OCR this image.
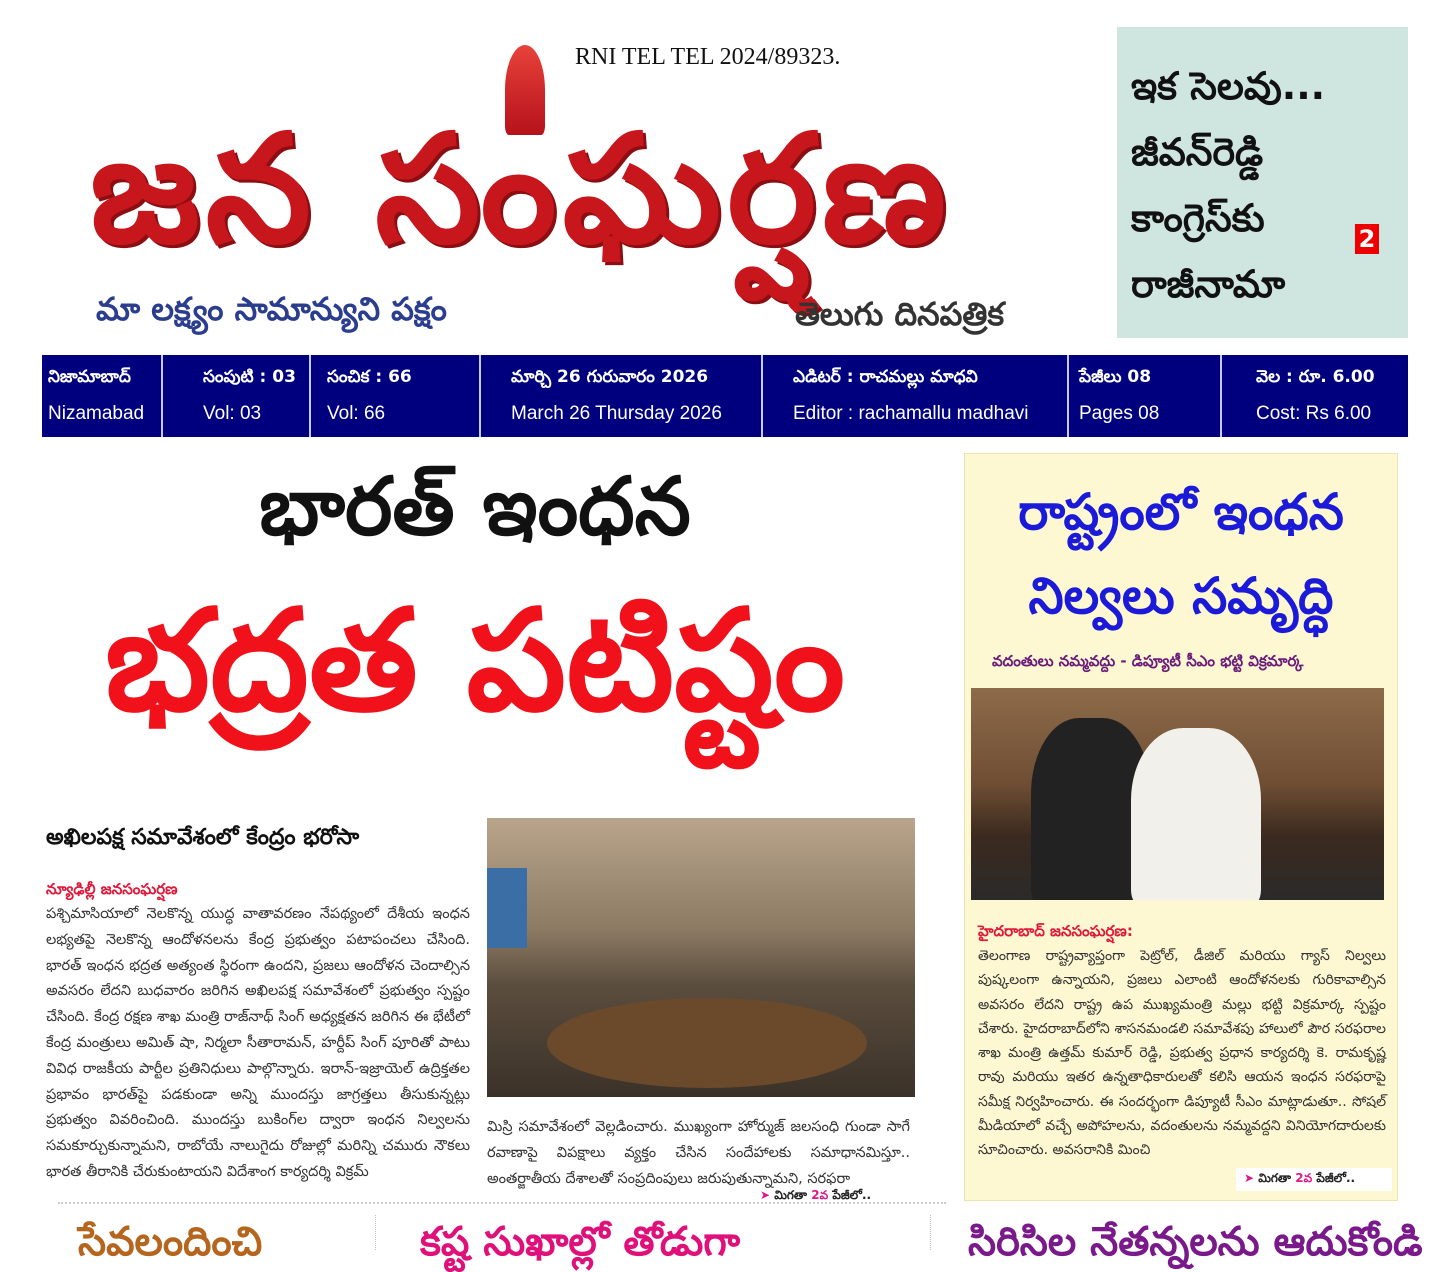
RNI TEL TEL 2024/89323.
జన సంఘర్షణ
మా లక్ష్యం సామాన్యుని పక్షం	తెలుగు దినపత్రిక
ఇక సెలవు...
జీవన్‌రెడ్డి
కాంగ్రెస్‌కు
రాజీనామా
2
నిజామాబాద్
Nizamabad
సంపుటి : 03
Vol: 03
సంచిక : 66
Vol: 66
మార్చి 26 గురువారం 2026
March 26 Thursday 2026
ఎడిటర్ : రాచమల్లు మాధవి
Editor : rachamallu madhavi
పేజీలు 08
Pages 08
వెల : రూ. 6.00
Cost: Rs 6.00
భారత్ ఇంధన
భద్రత పటిష్టం
అఖిలపక్ష సమావేశంలో కేంద్రం భరోసా
న్యూఢిల్లీ జనసంఘర్షణ
పశ్చిమాసియాలో నెలకొన్న యుద్ధ వాతావరణం నేపథ్యంలో దేశీయ ఇంధన లభ్యతపై నెలకొన్న ఆందోళనలను కేంద్ర ప్రభుత్వం పటాపంచలు చేసింది. భారత్ ఇంధన భద్రత అత్యంత స్థిరంగా ఉందని, ప్రజలు ఆందోళన చెందాల్సిన అవసరం లేదని బుధవారం జరిగిన అఖిలపక్ష సమావేశంలో ప్రభుత్వం స్పష్టం చేసింది. కేంద్ర రక్షణ శాఖ మంత్రి రాజ్‌నాథ్ సింగ్ అధ్యక్షతన జరిగిన ఈ భేటీలో కేంద్ర మంత్రులు అమిత్ షా, నిర్మలా సీతారామన్, హర్దీప్ సింగ్ పూరితో పాటు వివిధ రాజకీయ పార్టీల ప్రతినిధులు పాల్గొన్నారు. ఇరాన్-ఇజ్రాయెల్ ఉద్రిక్తతల ప్రభావం భారత్‌పై పడకుండా అన్ని ముందస్తు జాగ్రత్తలు తీసుకున్నట్లు ప్రభుత్వం వివరించింది. ముందస్తు బుకింగ్‌ల ద్వారా ఇంధన నిల్వలను సమకూర్చుకున్నామని, రాబోయే నాలుగైదు రోజుల్లో మరిన్ని చమురు నౌకలు భారత తీరానికి చేరుకుంటాయని విదేశాంగ కార్యదర్శి విక్రమ్
మిస్రి సమావేశంలో వెల్లడించారు. ముఖ్యంగా హోర్ముజ్ జలసంధి గుండా సాగే రవాణాపై విపక్షాలు వ్యక్తం చేసిన సందేహాలకు సమాధానమిస్తూ.. అంతర్జాతీయ దేశాలతో సంప్రదింపులు జరుపుతున్నామని, సరఫరా
➤ మిగతా 2వ పేజీలో..
రాష్ట్రంలో ఇంధన
నిల్వలు సమృద్ధి
వదంతులు నమ్మవద్దు - డిప్యూటీ సీఎం భట్టి విక్రమార్క
హైదరాబాద్ జనసంఘర్షణ:
తెలంగాణ రాష్ట్రవ్యాప్తంగా పెట్రోల్, డీజిల్ మరియు గ్యాస్ నిల్వలు పుష్కలంగా ఉన్నాయని, ప్రజలు ఎలాంటి ఆందోళనలకు గురికావాల్సిన అవసరం లేదని రాష్ట్ర ఉప ముఖ్యమంత్రి మల్లు భట్టి విక్రమార్క స్పష్టం చేశారు. హైదరాబాద్‌లోని శాసనమండలి సమావేశపు హాలులో పౌర సరఫరాల శాఖ మంత్రి ఉత్తమ్ కుమార్ రెడ్డి, ప్రభుత్వ ప్రధాన కార్యదర్శి కె. రామకృష్ణ రావు మరియు ఇతర ఉన్నతాధికారులతో కలిసి ఆయన ఇంధన సరఫరాపై సమీక్ష నిర్వహించారు. ఈ సందర్భంగా డిప్యూటీ సీఎం మాట్లాడుతూ.. సోషల్ మీడియాలో వచ్చే అపోహలను, వదంతులను నమ్మవద్దని వినియోగదారులకు సూచించారు. అవసరానికి మించి
➤ మిగతా 2వ పేజీలో..
సేవలందించి	కష్ట సుఖాల్లో తోడుగా	సిరిసిల నేతన్నలను ఆదుకోండి
